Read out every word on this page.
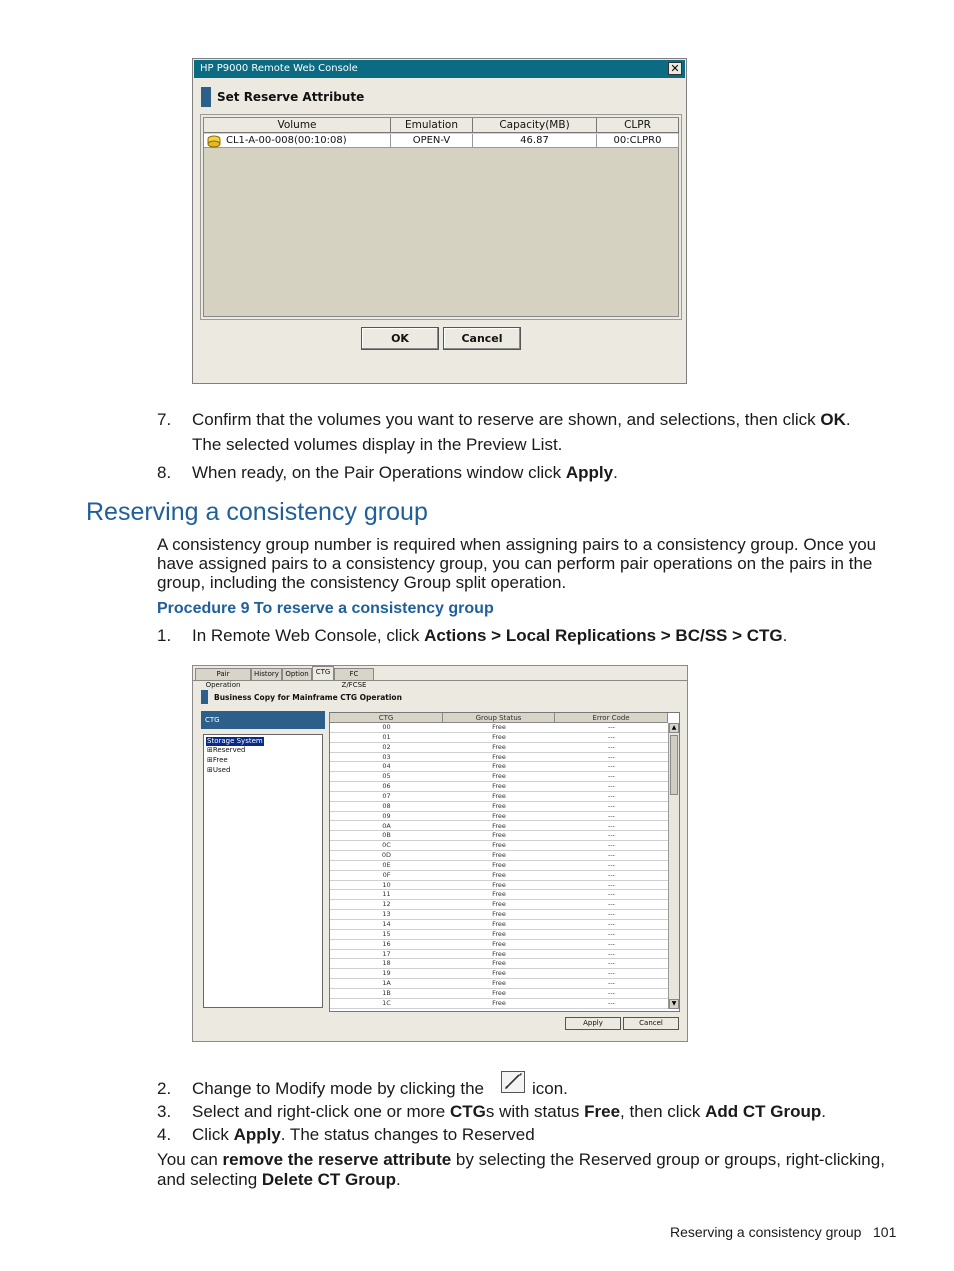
HP P9000 Remote Web Console	✕
Set Reserve Attribute
Volume	Emulation	Capacity(MB)	CLPR
CL1-A-00-008(00:10:08)	OPEN-V	46.87	00:CLPR0
OK	Cancel
7. Confirm that the volumes you want to reserve are shown, and selections, then click OK.
The selected volumes display in the Preview List.
8. When ready, on the Pair Operations window click Apply.
Reserving a consistency group
A consistency group number is required when assigning pairs to a consistency group. Once you
have assigned pairs to a consistency group, you can perform pair operations on the pairs in the
group, including the consistency Group split operation.
Procedure 9 To reserve a consistency group
1. In Remote Web Console, click Actions > Local Replications > BC/SS > CTG.
Pair Operation
History Option	CTG	FC Z/FCSE
Business Copy for Mainframe CTG Operation
CTG
Storage System
⊞Reserved
⊞Free
⊞Used
CTG	Group Status	Error Code
00	Free	---
01	Free	---
02	Free	---
03	Free	---
04	Free	---
05	Free	---
06	Free	---
07	Free	---
08	Free	---
09	Free	---
0A	Free	---
0B	Free	---
0C	Free	---
0D	Free	---
0E	Free	---
0F	Free	---
10	Free	---
11	Free	---
12	Free	---
13	Free	---
14	Free	---
15	Free	---
16	Free	---
17	Free	---
18	Free	---
19	Free	---
1A	Free	---
1B	Free	---
1C	Free	---
▲
▼
Apply	Cancel
2. Change to Modify mode by clicking the	icon.
3. Select and right-click one or more CTGs with status Free, then click Add CT Group.
4. Click Apply. The status changes to Reserved
You can remove the reserve attribute by selecting the Reserved group or groups, right-clicking,
and selecting Delete CT Group.
Reserving a consistency group 101
